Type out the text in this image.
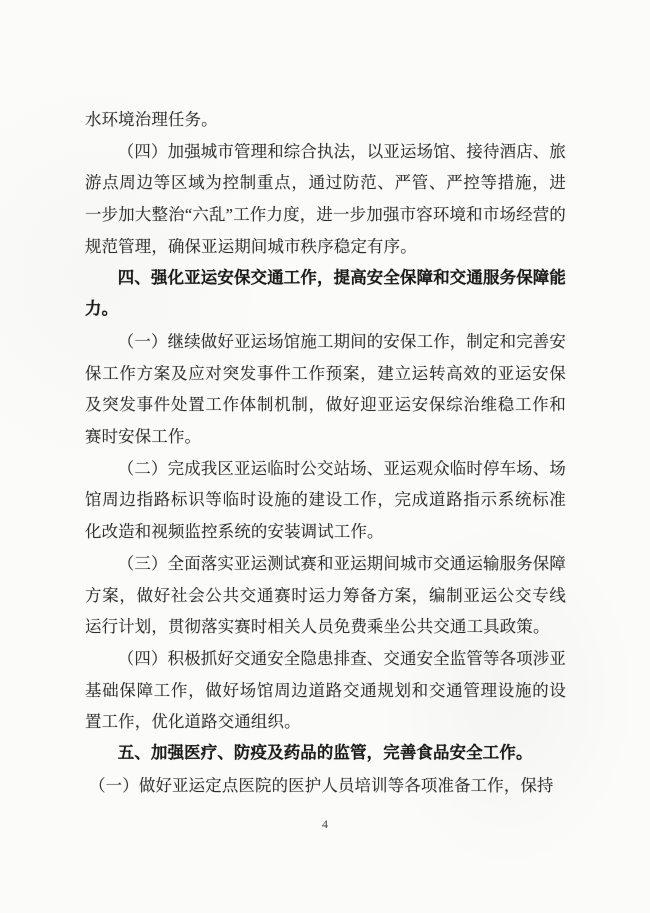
水环境治理任务。

（四）加强城市管理和综合执法，以亚运场馆、接待酒店、旅游点周边等区域为控制重点，通过防范、严管、严控等措施，进一步加大整治“六乱”工作力度，进一步加强市容环境和市场经营的规范管理，确保亚运期间城市秩序稳定有序。

四、强化亚运安保交通工作，提高安全保障和交通服务保障能力。

（一）继续做好亚运场馆施工期间的安保工作，制定和完善安保工作方案及应对突发事件工作预案，建立运转高效的亚运安保及突发事件处置工作体制机制，做好迎亚运安保综治维稳工作和赛时安保工作。

（二）完成我区亚运临时公交站场、亚运观众临时停车场、场馆周边指路标识等临时设施的建设工作，完成道路指示系统标准化改造和视频监控系统的安装调试工作。

（三）全面落实亚运测试赛和亚运期间城市交通运输服务保障方案，做好社会公共交通赛时运力筹备方案，编制亚运公交专线运行计划，贯彻落实赛时相关人员免费乘坐公共交通工具政策。

（四）积极抓好交通安全隐患排查、交通安全监管等各项涉亚基础保障工作，做好场馆周边道路交通规划和交通管理设施的设置工作，优化道路交通组织。

五、加强医疗、防疫及药品的监管，完善食品安全工作。

（一）做好亚运定点医院的医护人员培训等各项准备工作，保持

4
